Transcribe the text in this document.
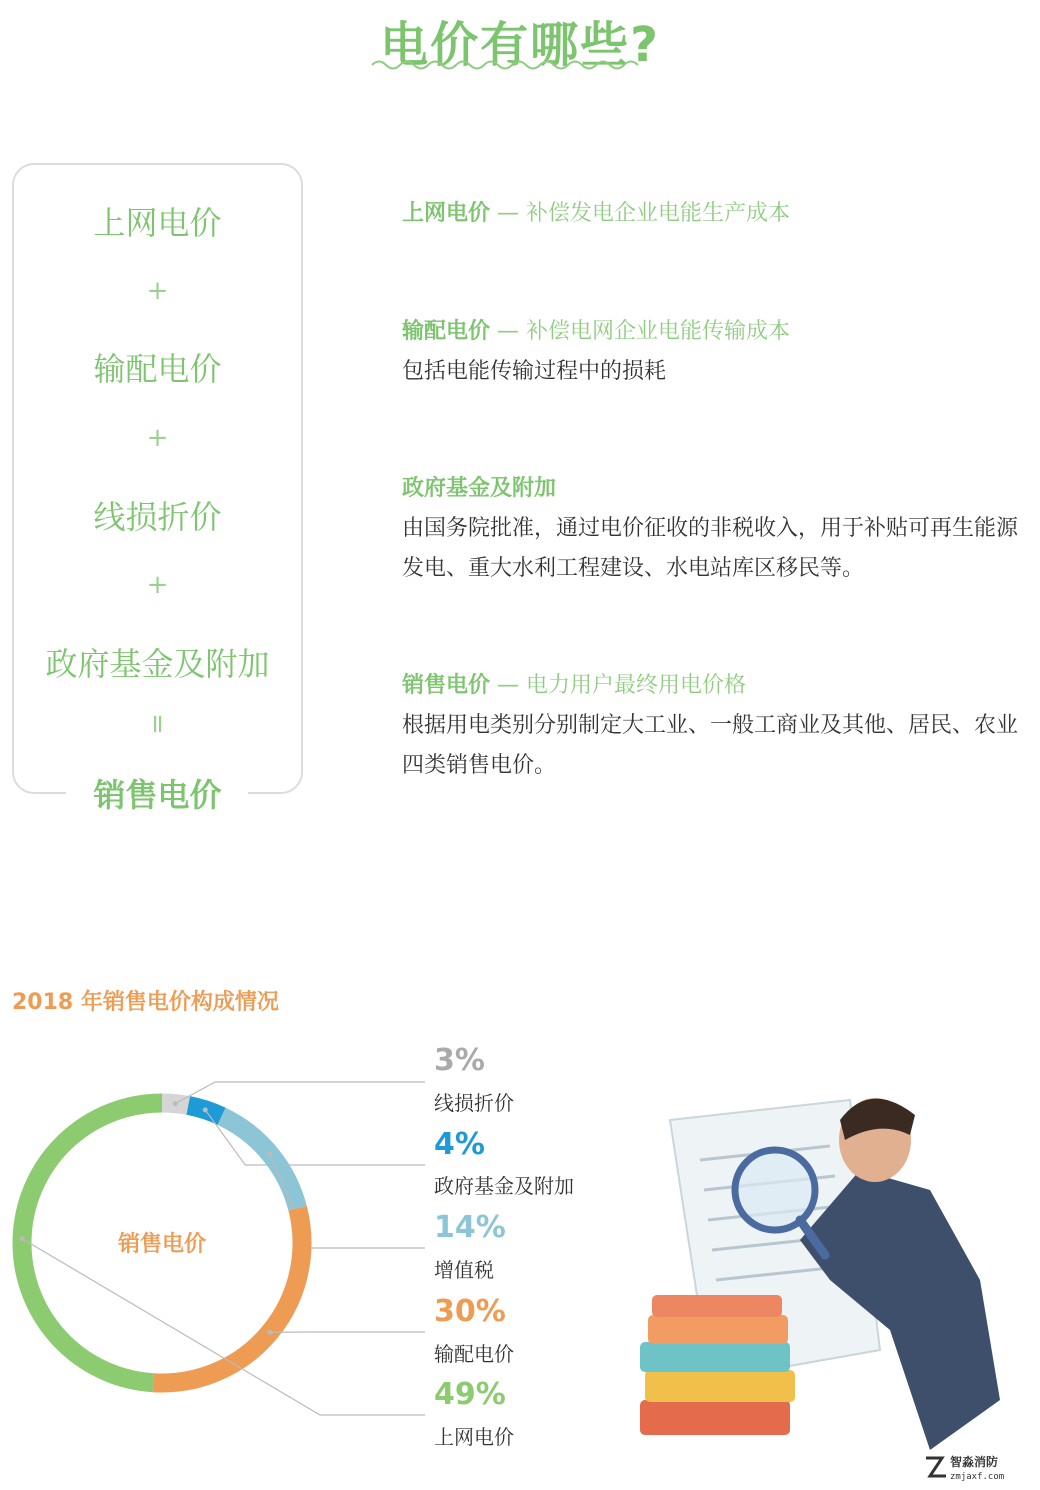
电价有哪些?
上网电价
+
输配电价
+
线损折价
+
政府基金及附加
=
销售电价
上网电价 — 补偿发电企业电能生产成本
输配电价 — 补偿电网企业电能传输成本
包括电能传输过程中的损耗
政府基金及附加
由国务院批准，通过电价征收的非税收入，用于补贴可再生能源发电、重大水利工程建设、水电站库区移民等。
销售电价 — 电力用户最终用电价格
根据用电类别分别制定大工业、一般工商业及其他、居民、农业四类销售电价。
2018 年销售电价构成情况
销售电价
3%
线损折价
4%
政府基金及附加
14%
增值税
30%
输配电价
49%
上网电价
智淼消防
zmjaxf.com
